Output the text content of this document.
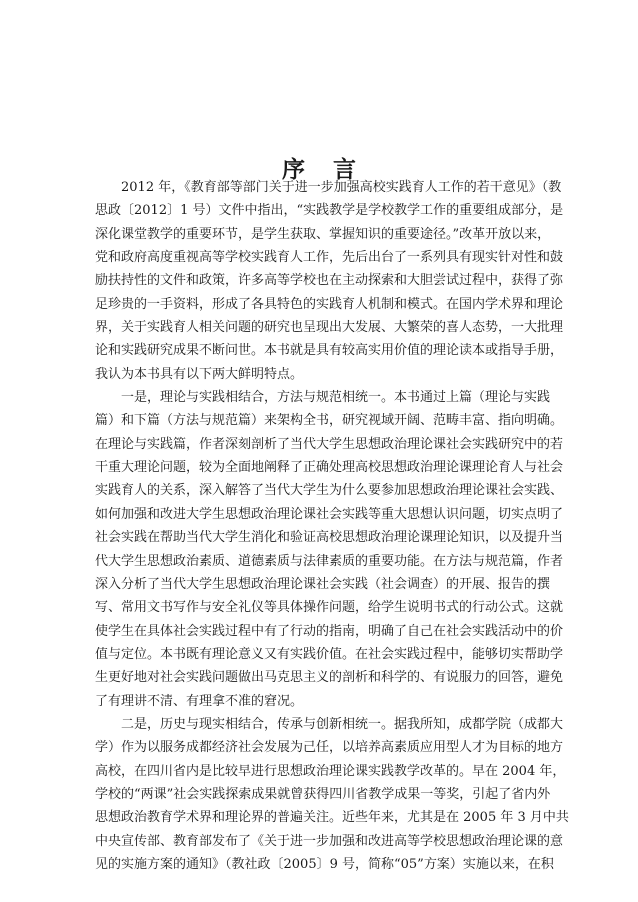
序 言
2012 年，《教育部等部门关于进一步加强高校实践育人工作的若干意见》（教
思政〔2012〕1 号）文件中指出，“实践教学是学校教学工作的重要组成部分，是
深化课堂教学的重要环节，是学生获取、掌握知识的重要途径。”改革开放以来，
党和政府高度重视高等学校实践育人工作，先后出台了一系列具有现实针对性和鼓
励扶持性的文件和政策，许多高等学校也在主动探索和大胆尝试过程中，获得了弥
足珍贵的一手资料，形成了各具特色的实践育人机制和模式。在国内学术界和理论
界，关于实践育人相关问题的研究也呈现出大发展、大繁荣的喜人态势，一大批理
论和实践研究成果不断问世。本书就是具有较高实用价值的理论读本或指导手册，
我认为本书具有以下两大鲜明特点。
一是，理论与实践相结合，方法与规范相统一。本书通过上篇（理论与实践
篇）和下篇（方法与规范篇）来架构全书，研究视域开阔、范畴丰富、指向明确。
在理论与实践篇，作者深刻剖析了当代大学生思想政治理论课社会实践研究中的若
干重大理论问题，较为全面地阐释了正确处理高校思想政治理论课理论育人与社会
实践育人的关系，深入解答了当代大学生为什么要参加思想政治理论课社会实践、
如何加强和改进大学生思想政治理论课社会实践等重大思想认识问题，切实点明了
社会实践在帮助当代大学生消化和验证高校思想政治理论课理论知识，以及提升当
代大学生思想政治素质、道德素质与法律素质的重要功能。在方法与规范篇，作者
深入分析了当代大学生思想政治理论课社会实践（社会调查）的开展、报告的撰
写、常用文书写作与安全礼仪等具体操作问题，给学生说明书式的行动公式。这就
使学生在具体社会实践过程中有了行动的指南，明确了自己在社会实践活动中的价
值与定位。本书既有理论意义又有实践价值。在社会实践过程中，能够切实帮助学
生更好地对社会实践问题做出马克思主义的剖析和科学的、有说服力的回答，避免
了有理讲不清、有理拿不准的窘况。
二是，历史与现实相结合，传承与创新相统一。据我所知，成都学院（成都大
学）作为以服务成都经济社会发展为己任，以培养高素质应用型人才为目标的地方
高校，在四川省内是比较早进行思想政治理论课实践教学改革的。早在 2004 年，
学校的“两课”社会实践探索成果就曾获得四川省教学成果一等奖，引起了省内外
思想政治教育学术界和理论界的普遍关注。近些年来，尤其是在 2005 年 3 月中共
中央宣传部、教育部发布了《关于进一步加强和改进高等学校思想政治理论课的意
见的实施方案的通知》（教社政〔2005〕9 号，简称“05”方案）实施以来，在积
